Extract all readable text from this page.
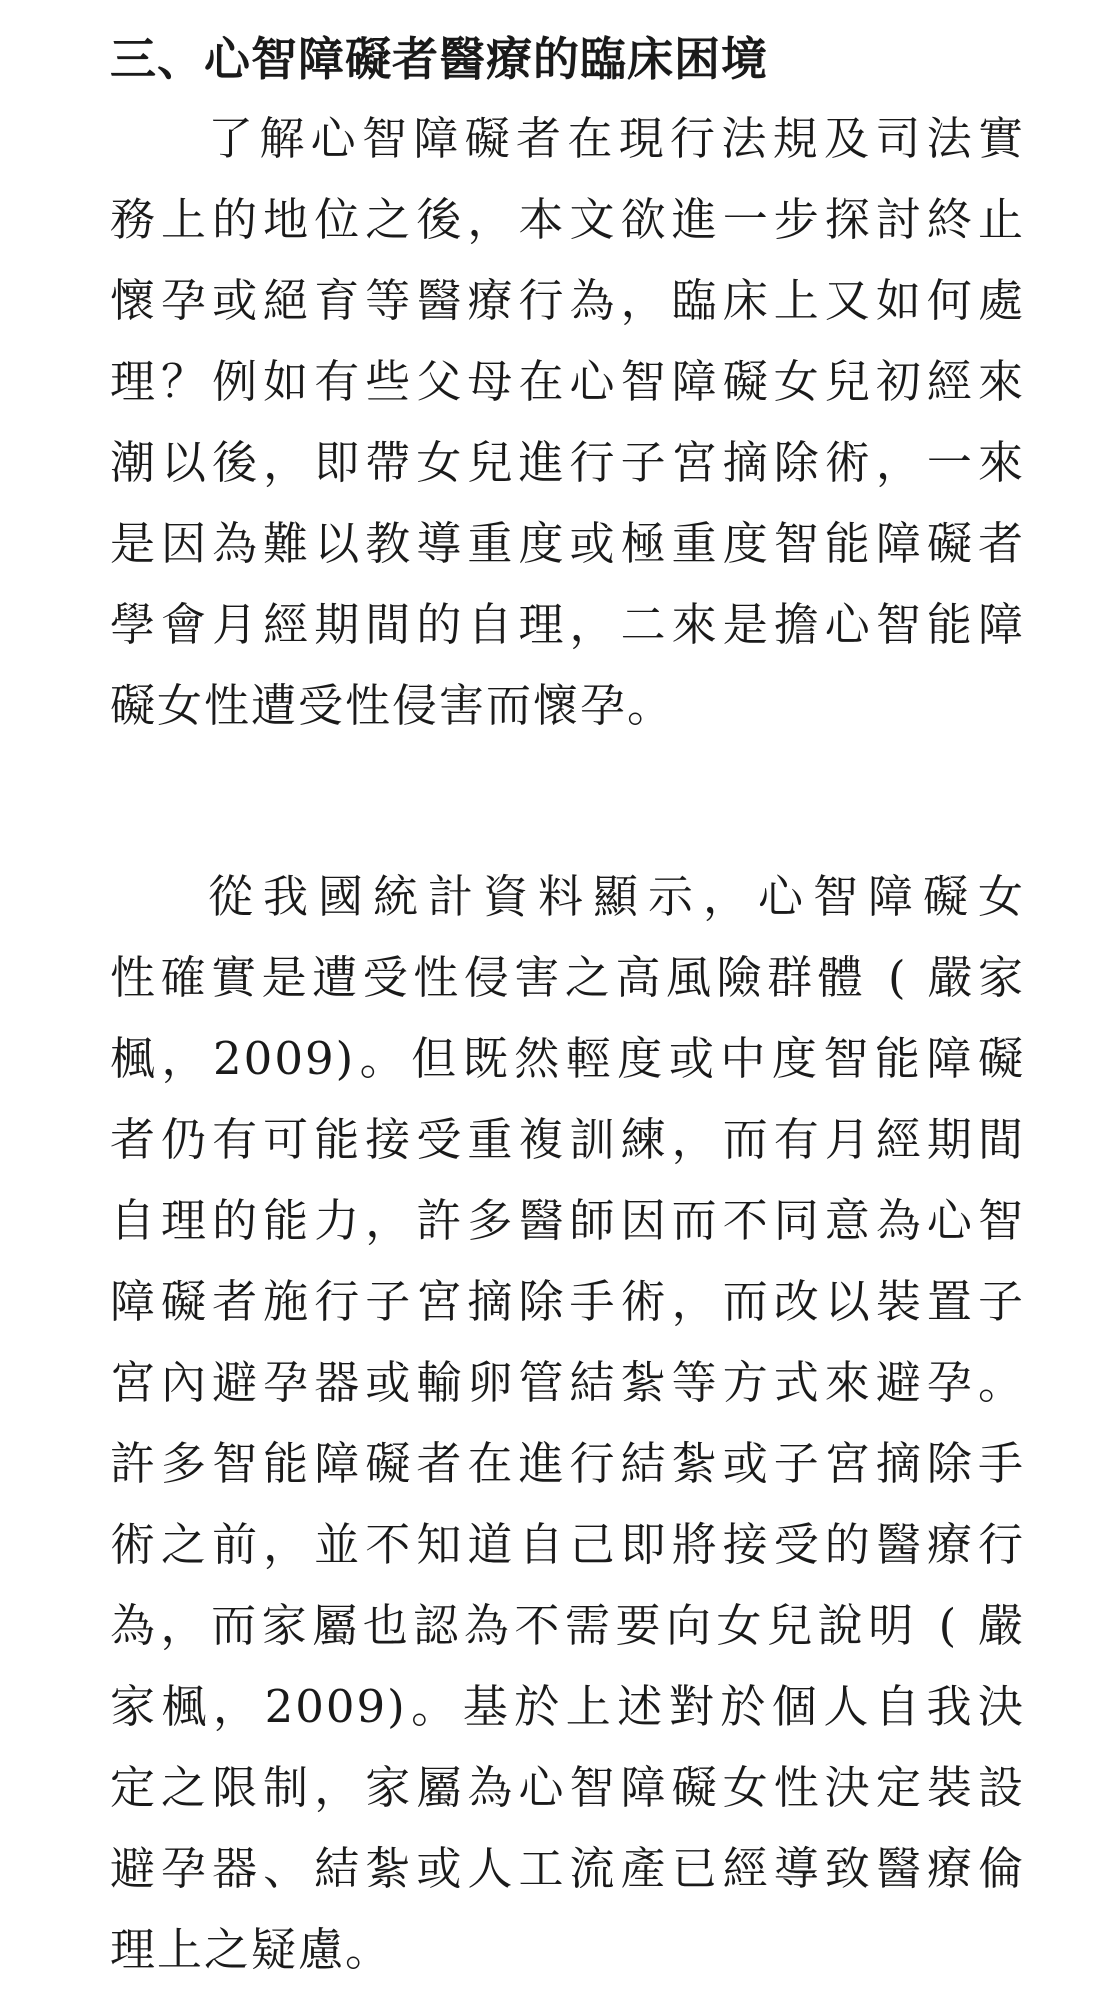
三、心智障礙者醫療的臨床困境

了解心智障礙者在現行法規及司法實
務上的地位之後，本文欲進一步探討終止
懷孕或絕育等醫療行為，臨床上又如何處
理？例如有些父母在心智障礙女兒初經來
潮以後，即帶女兒進行子宮摘除術，一來
是因為難以教導重度或極重度智能障礙者
學會月經期間的自理，二來是擔心智能障
礙女性遭受性侵害而懷孕。

從我國統計資料顯示，心智障礙女
性確實是遭受性侵害之高風險群體 ( 嚴家
楓，2009)。但既然輕度或中度智能障礙
者仍有可能接受重複訓練，而有月經期間
自理的能力，許多醫師因而不同意為心智
障礙者施行子宮摘除手術，而改以裝置子
宮內避孕器或輸卵管結紮等方式來避孕。
許多智能障礙者在進行結紮或子宮摘除手
術之前，並不知道自己即將接受的醫療行
為，而家屬也認為不需要向女兒說明 ( 嚴
家楓，2009)。基於上述對於個人自我決
定之限制，家屬為心智障礙女性決定裝設
避孕器、結紮或人工流產已經導致醫療倫
理上之疑慮。
